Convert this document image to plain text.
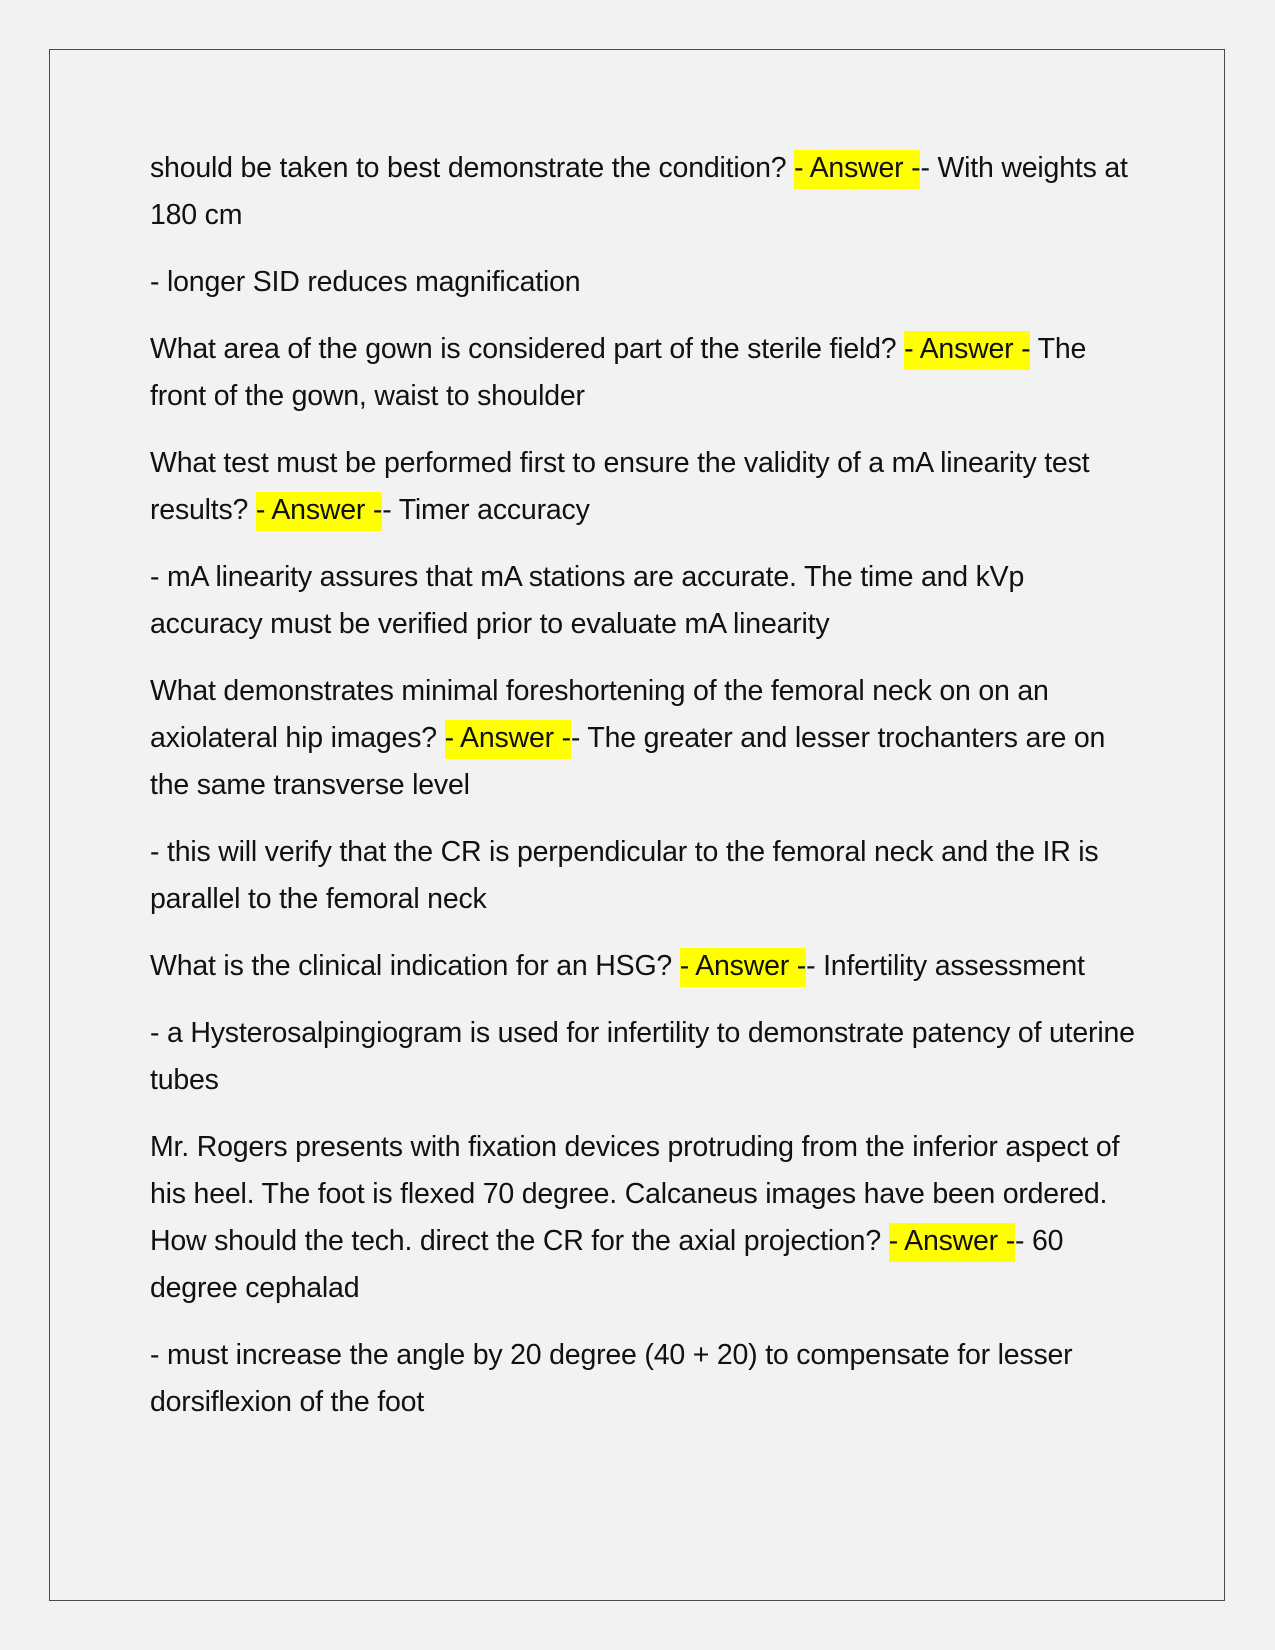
should be taken to best demonstrate the condition? - Answer -- With weights at 180 cm

- longer SID reduces magnification

What area of the gown is considered part of the sterile field? - Answer - The front of the gown, waist to shoulder

What test must be performed first to ensure the validity of a mA linearity test results? - Answer -- Timer accuracy

- mA linearity assures that mA stations are accurate. The time and kVp accuracy must be verified prior to evaluate mA linearity

What demonstrates minimal foreshortening of the femoral neck on on an axiolateral hip images? - Answer -- The greater and lesser trochanters are on the same transverse level

- this will verify that the CR is perpendicular to the femoral neck and the IR is parallel to the femoral neck

What is the clinical indication for an HSG? - Answer -- Infertility assessment

- a Hysterosalpingiogram is used for infertility to demonstrate patency of uterine tubes

Mr. Rogers presents with fixation devices protruding from the inferior aspect of his heel. The foot is flexed 70 degree. Calcaneus images have been ordered. How should the tech. direct the CR for the axial projection? - Answer -- 60 degree cephalad

- must increase the angle by 20 degree (40 + 20) to compensate for lesser dorsiflexion of the foot
